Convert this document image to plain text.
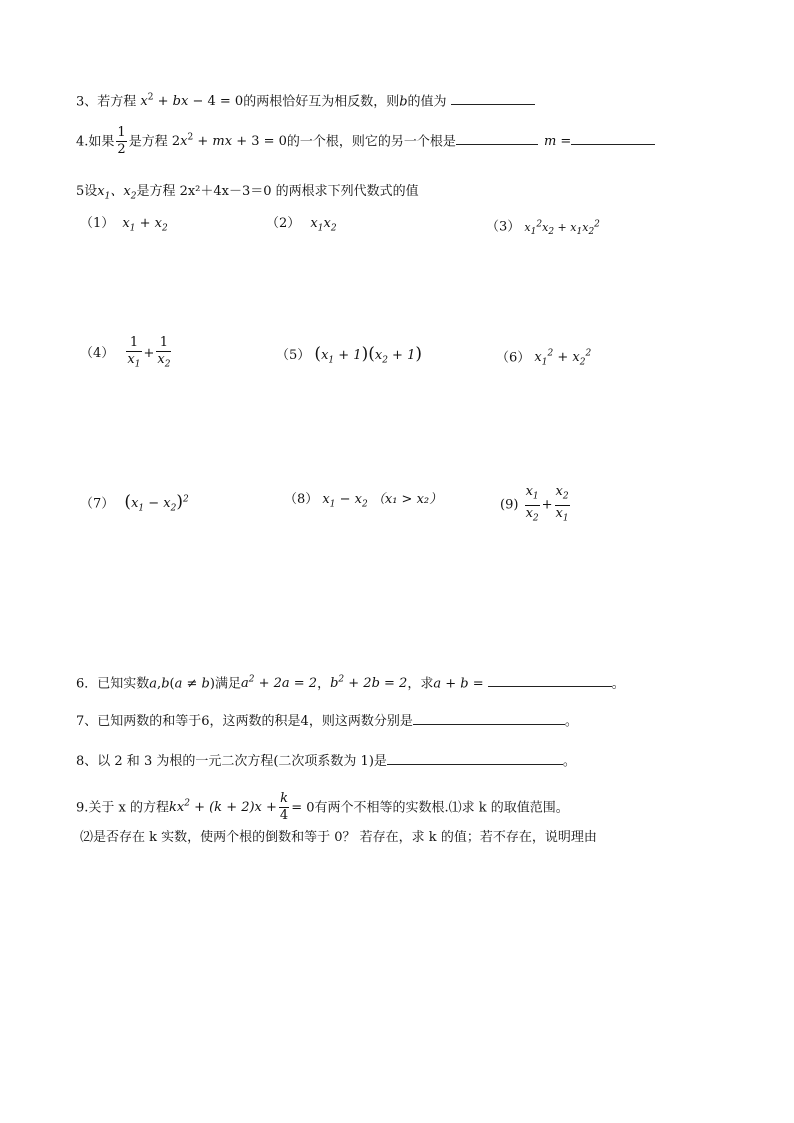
3、若方程 $x^2$ + bx − 4 = 0的两根恰好互为相反数，则b的值为
4.如果 $\frac{1}{2}$ 是方程 $2x^2$ + mx + 3 = 0的一个根，则它的另一个根是	m =
5设$x_1$、$x_2$是方程 2x²＋4x－3＝0 的两根求下列代数式的值
（1） $x_1 + x_2$	（2） $x_1x_2$	（3） $x_1^2x_2 + x_1x_2^2$
$(4) \frac{1}{x_1} + \frac{1}{x_2}$	（5） $(x_1 + 1)(x_2 + 1)$	（6） $x_1^2 + x_2^2$
（7） $(x_1 - x_2)^2$	（8） $x_1 - x_2$ （x₁ > x₂）	$(9) \frac{x_1}{x_2} + \frac{x_2}{x_1}$
6．已知实数a,b(a ≠ b)满足$a^2 + 2a = 2$，$b^2 + 2b = 2$，求a + b =	。
7、已知两数的和等于6，这两数的积是4，则这两数分别是	。
8、以 2 和 3 为根的一元二次方程(二次项系数为 1)是	。
9.关于 x 的方程$kx^2 + (k + 2)x + \frac{k}{4} = 0$有两个不相等的实数根.⑴求 k 的取值范围。
⑵是否存在 k 实数，使两个根的倒数和等于 0？ 若存在，求 k 的值；若不存在，说明理由
